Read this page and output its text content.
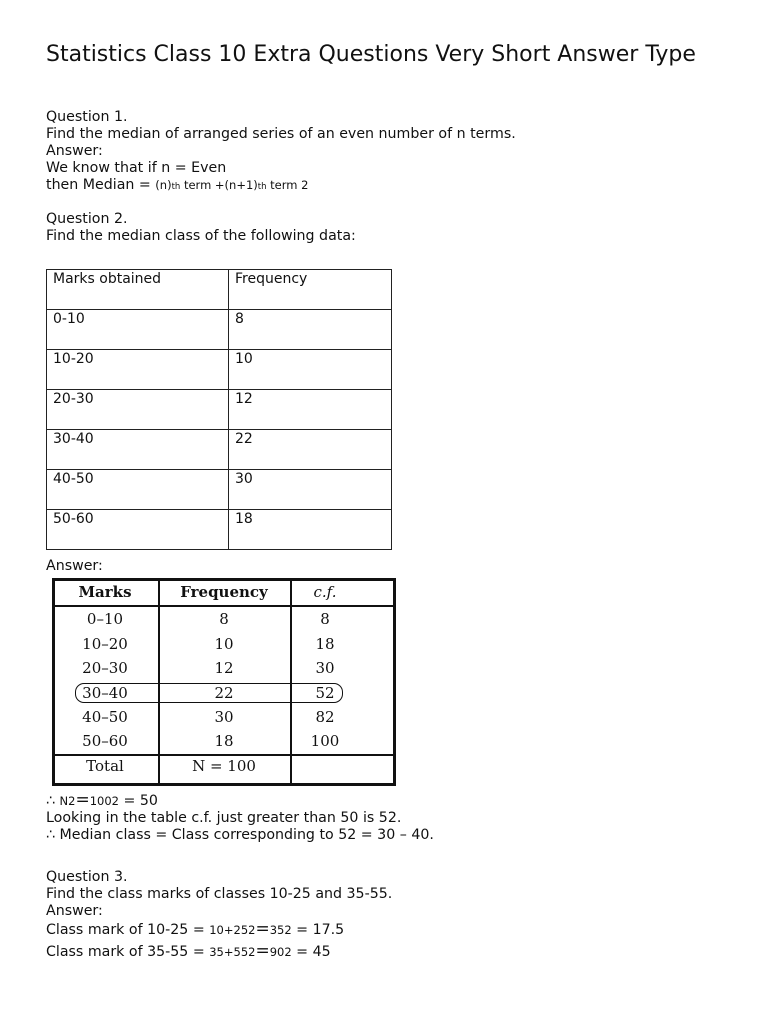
Statistics Class 10 Extra Questions Very Short Answer Type
Question 1.
Find the median of arranged series of an even number of n terms.
Answer:
We know that if n = Even
then Median = (n)th term +(n+1)th term 2
Question 2.
Find the median class of the following data:
Marks obtained	Frequency
0-10	8
10-20	10
20-30	12
30-40	22
40-50	30
50-60	18
Answer:
Marks	Frequency	c.f.
0–10	8	8
10–20	10	18
20–30	12	30
30–40	22	52
40–50	30	82
50–60	18	100
Total	N = 100
∴ N2=1002 = 50
Looking in the table c.f. just greater than 50 is 52.
∴ Median class = Class corresponding to 52 = 30 – 40.
Question 3.
Find the class marks of classes 10-25 and 35-55.
Answer:
Class mark of 10-25 = 10+252=352 = 17.5
Class mark of 35-55 = 35+552=902 = 45
